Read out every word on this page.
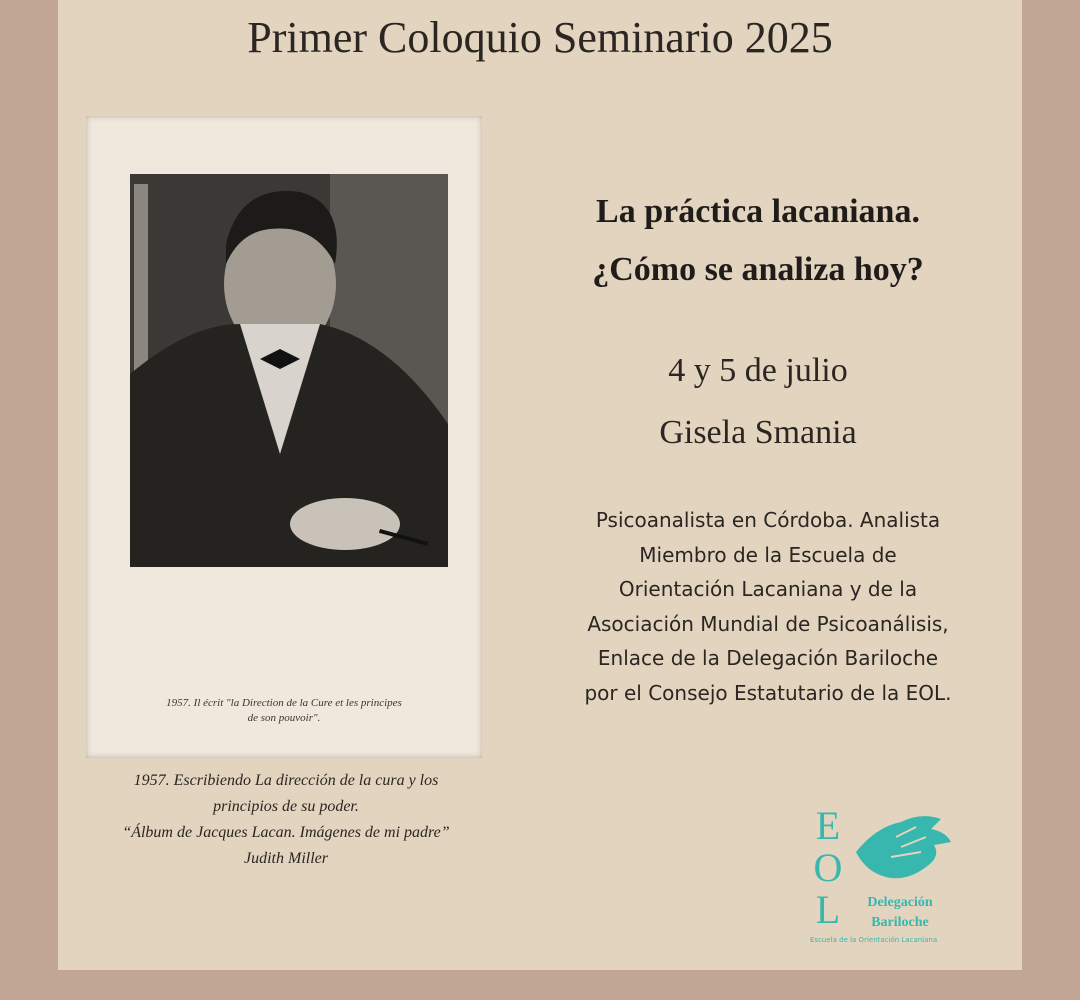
Primer Coloquio Seminario 2025
1957. Il écrit "la Direction de la Cure et les principes
de son pouvoir".
1957. Escribiendo La dirección de la cura y los
principios de su poder.
“Álbum de Jacques Lacan. Imágenes de mi padre”
Judith Miller
La práctica lacaniana.
¿Cómo se analiza hoy?
4 y 5 de julio
Gisela Smania
Psicoanalista en Córdoba. Analista
Miembro de la Escuela de
Orientación Lacaniana y de la
Asociación Mundial de Psicoanálisis,
Enlace de la Delegación Bariloche
por el Consejo Estatutario de la EOL.
E
O
L	Delegación
Bariloche
Escuela de la Orientación Lacaniana
